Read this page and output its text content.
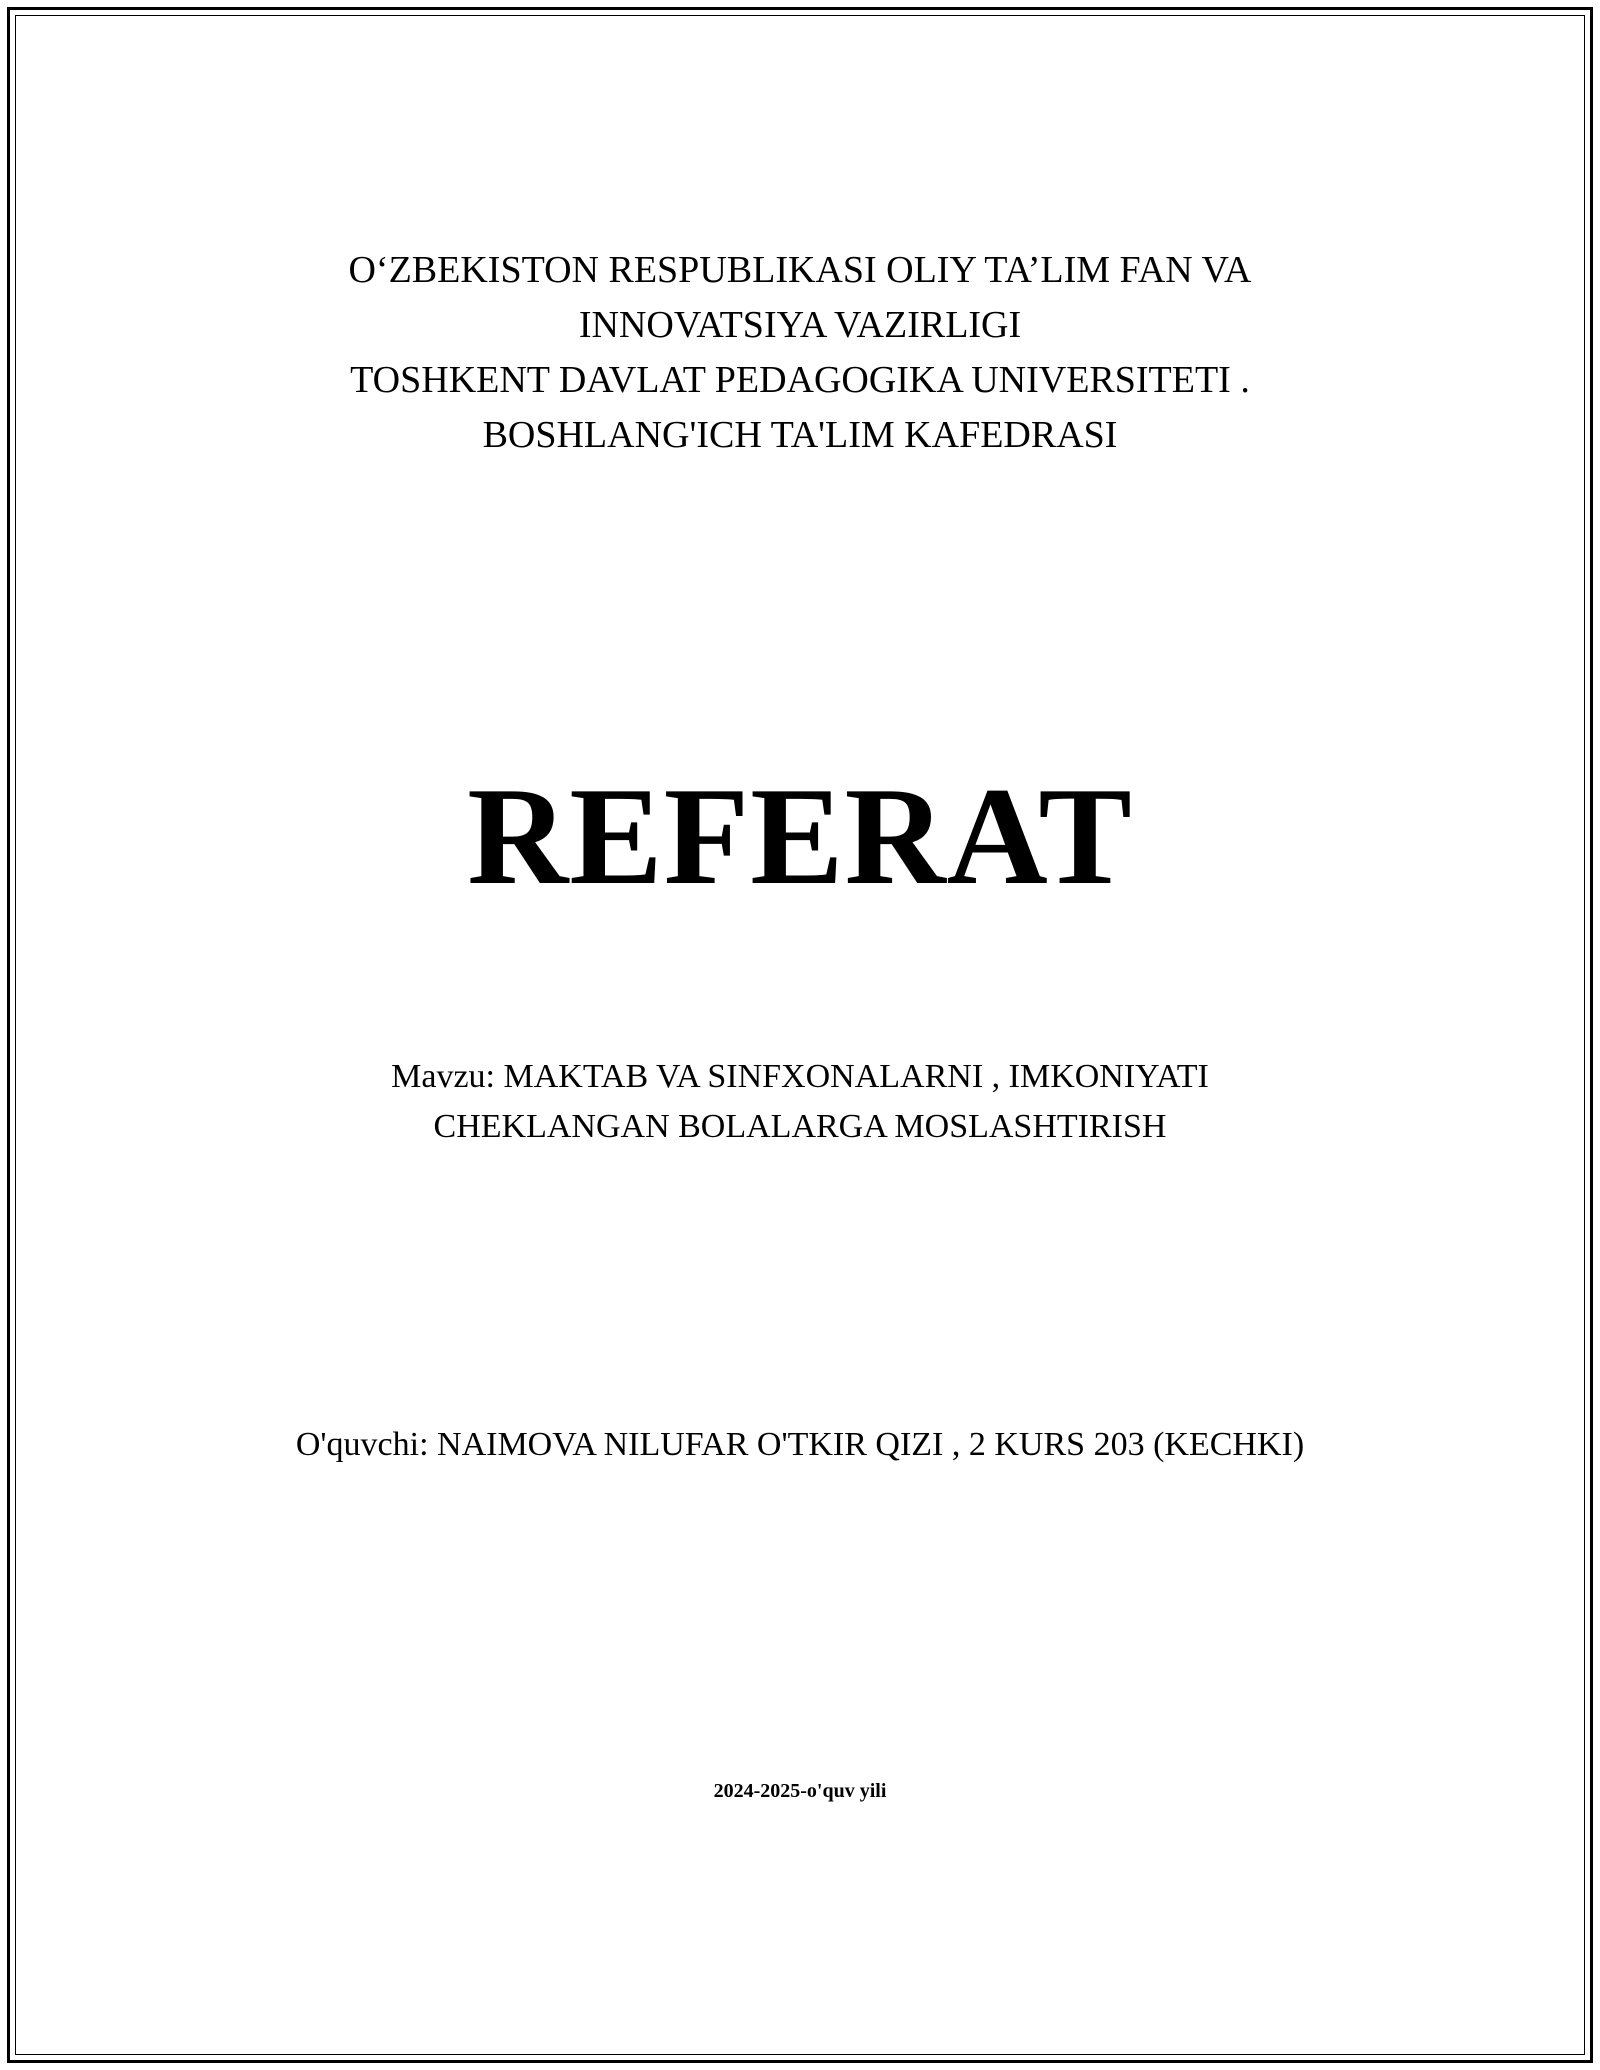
O‘ZBEKISTON RESPUBLIKASI OLIY TA’LIM FAN VA
INNOVATSIYA VAZIRLIGI
TOSHKENT DAVLAT PEDAGOGIKA UNIVERSITETI .
BOSHLANG'ICH TA'LIM KAFEDRASI
REFERAT
Mavzu: MAKTAB VA SINFXONALARNI , IMKONIYATI
CHEKLANGAN BOLALARGA MOSLASHTIRISH
O'quvchi: NAIMOVA NILUFAR O'TKIR QIZI , 2 KURS 203 (KECHKI)
2024-2025-o'quv yili
